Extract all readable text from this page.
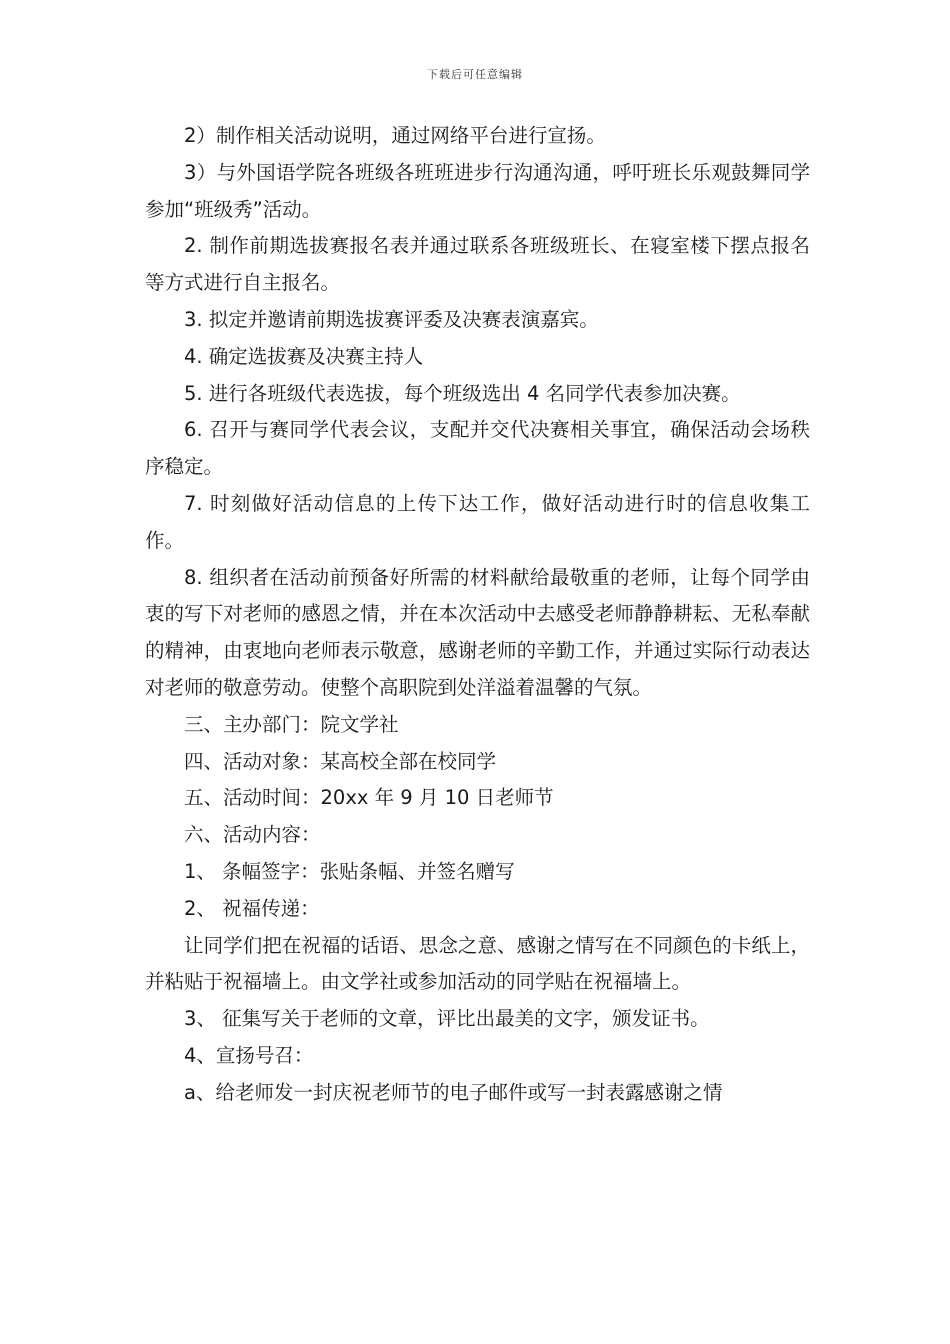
下载后可任意编辑

2）制作相关活动说明，通过网络平台进行宣扬。

3）与外国语学院各班级各班班进步行沟通沟通，呼吁班长乐观鼓舞同学参加“班级秀”活动。

2. 制作前期选拔赛报名表并通过联系各班级班长、在寝室楼下摆点报名等方式进行自主报名。

3. 拟定并邀请前期选拔赛评委及决赛表演嘉宾。

4. 确定选拔赛及决赛主持人

5. 进行各班级代表选拔，每个班级选出 4 名同学代表参加决赛。

6. 召开与赛同学代表会议，支配并交代决赛相关事宜，确保活动会场秩序稳定。

7. 时刻做好活动信息的上传下达工作，做好活动进行时的信息收集工作。

8. 组织者在活动前预备好所需的材料献给最敬重的老师，让每个同学由衷的写下对老师的感恩之情，并在本次活动中去感受老师静静耕耘、无私奉献的精神，由衷地向老师表示敬意，感谢老师的辛勤工作，并通过实际行动表达对老师的敬意劳动。使整个高职院到处洋溢着温馨的气氛。

三、主办部门：院文学社

四、活动对象：某高校全部在校同学

五、活动时间：20xx 年 9 月 10 日老师节

六、活动内容：

1、 条幅签字：张贴条幅、并签名赠写

2、 祝福传递：

让同学们把在祝福的话语、思念之意、感谢之情写在不同颜色的卡纸上，并粘贴于祝福墙上。由文学社或参加活动的同学贴在祝福墙上。

3、 征集写关于老师的文章，评比出最美的文字，颁发证书。

4、宣扬号召：

a、给老师发一封庆祝老师节的电子邮件或写一封表露感谢之情
